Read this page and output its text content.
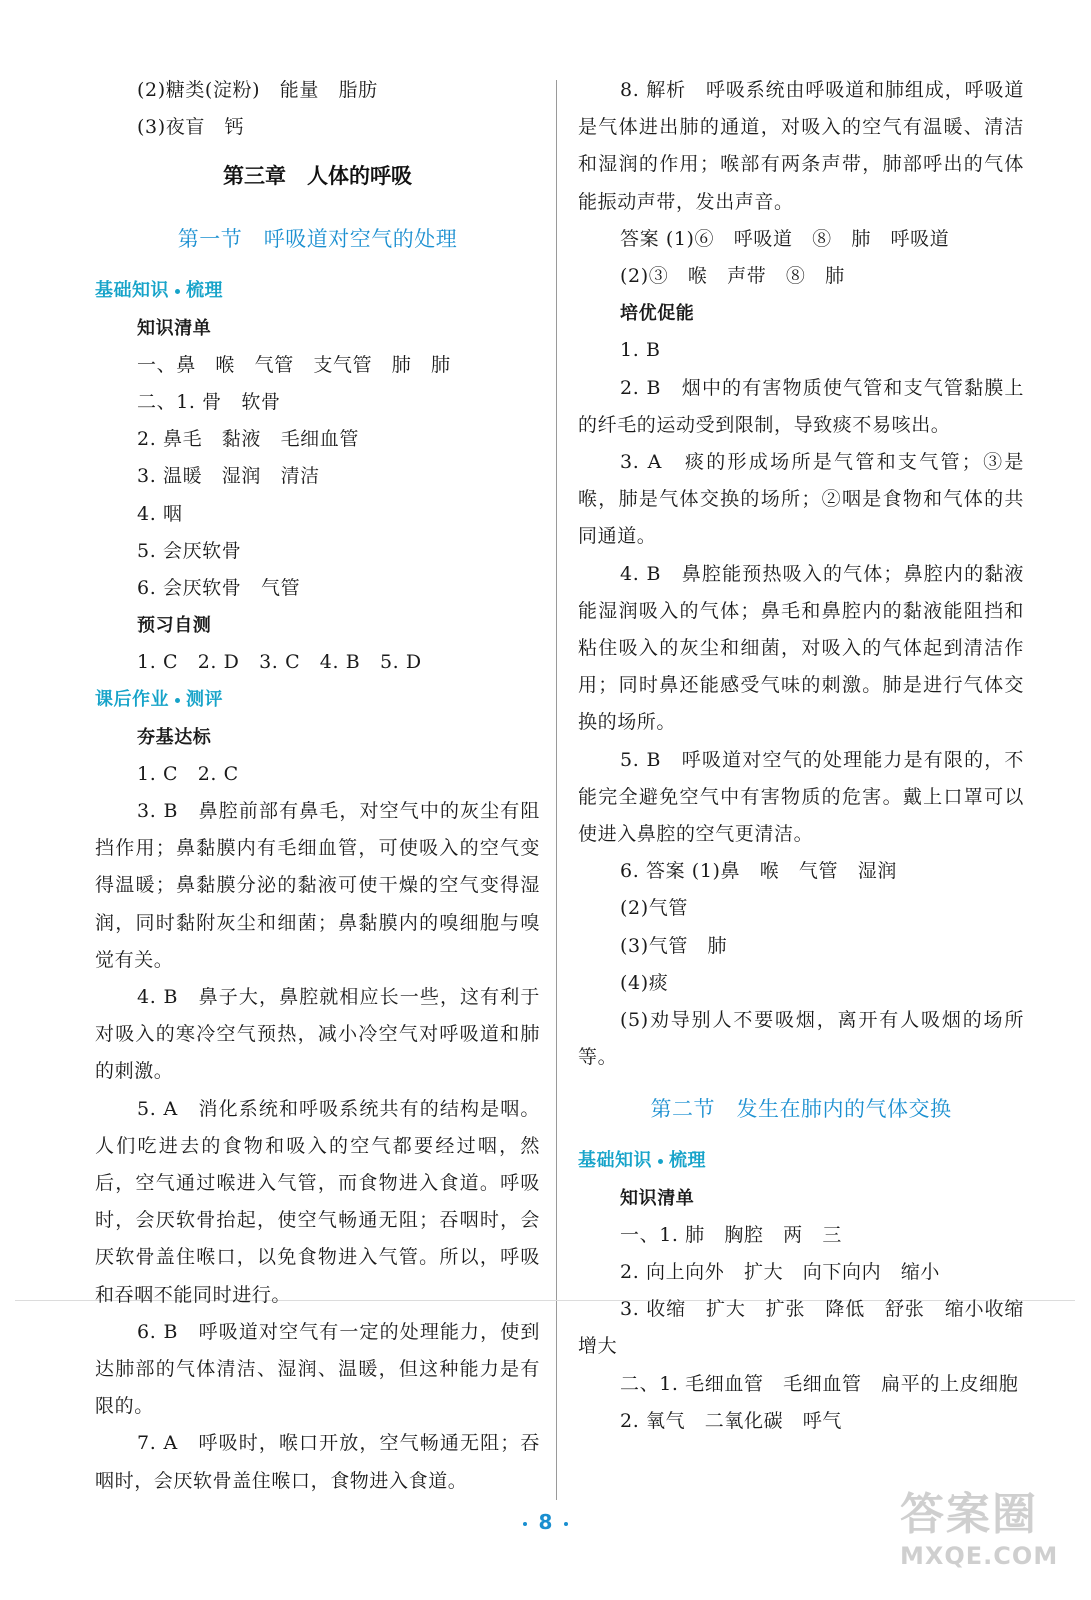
(2)糖类(淀粉)　能量　脂肪
(3)夜盲　钙
第三章　人体的呼吸
第一节　呼吸道对空气的处理
基础知识 梳理
知识清单
一、鼻　喉　气管　支气管　肺　肺
二、1. 骨　软骨
2. 鼻毛　黏液　毛细血管
3. 温暖　湿润　清洁
4. 咽
5. 会厌软骨
6. 会厌软骨　气管
预习自测
1. C　2. D　3. C　4. B　5. D
课后作业 测评
夯基达标
1. C　2. C
3. B　鼻腔前部有鼻毛，对空气中的灰尘有阻挡作用；鼻黏膜内有毛细血管，可使吸入的空气变得温暖；鼻黏膜分泌的黏液可使干燥的空气变得湿润，同时黏附灰尘和细菌；鼻黏膜内的嗅细胞与嗅觉有关。
4. B　鼻子大，鼻腔就相应长一些，这有利于对吸入的寒冷空气预热，减小冷空气对呼吸道和肺的刺激。
5. A　消化系统和呼吸系统共有的结构是咽。人们吃进去的食物和吸入的空气都要经过咽，然后，空气通过喉进入气管，而食物进入食道。呼吸时，会厌软骨抬起，使空气畅通无阻；吞咽时，会厌软骨盖住喉口，以免食物进入气管。所以，呼吸和吞咽不能同时进行。
6. B　呼吸道对空气有一定的处理能力，使到达肺部的气体清洁、湿润、温暖，但这种能力是有限的。
7. A　呼吸时，喉口开放，空气畅通无阻；吞咽时，会厌软骨盖住喉口，食物进入食道。
8. 解析　呼吸系统由呼吸道和肺组成，呼吸道是气体进出肺的通道，对吸入的空气有温暖、清洁和湿润的作用；喉部有两条声带，肺部呼出的气体能振动声带，发出声音。
答案 (1)⑥　呼吸道　⑧　肺　呼吸道
(2)③　喉　声带　⑧　肺
培优促能
1. B
2. B　烟中的有害物质使气管和支气管黏膜上的纤毛的运动受到限制，导致痰不易咳出。
3. A　痰的形成场所是气管和支气管；③是喉，肺是气体交换的场所；②咽是食物和气体的共同通道。
4. B　鼻腔能预热吸入的气体；鼻腔内的黏液能湿润吸入的气体；鼻毛和鼻腔内的黏液能阻挡和粘住吸入的灰尘和细菌，对吸入的气体起到清洁作用；同时鼻还能感受气味的刺激。肺是进行气体交换的场所。
5. B　呼吸道对空气的处理能力是有限的，不能完全避免空气中有害物质的危害。戴上口罩可以使进入鼻腔的空气更清洁。
6. 答案 (1)鼻　喉　气管　湿润
(2)气管
(3)气管　肺
(4)痰
(5)劝导别人不要吸烟，离开有人吸烟的场所等。
第二节　发生在肺内的气体交换
基础知识 梳理
知识清单
一、1. 肺　胸腔　两　三
2. 向上向外　扩大　向下向内　缩小
3. 收缩　扩大　扩张　降低　舒张　缩小收缩　增大
二、1. 毛细血管　毛细血管　扁平的上皮细胞
2. 氧气　二氧化碳　呼气
8	答案圈
MXQE.COM
